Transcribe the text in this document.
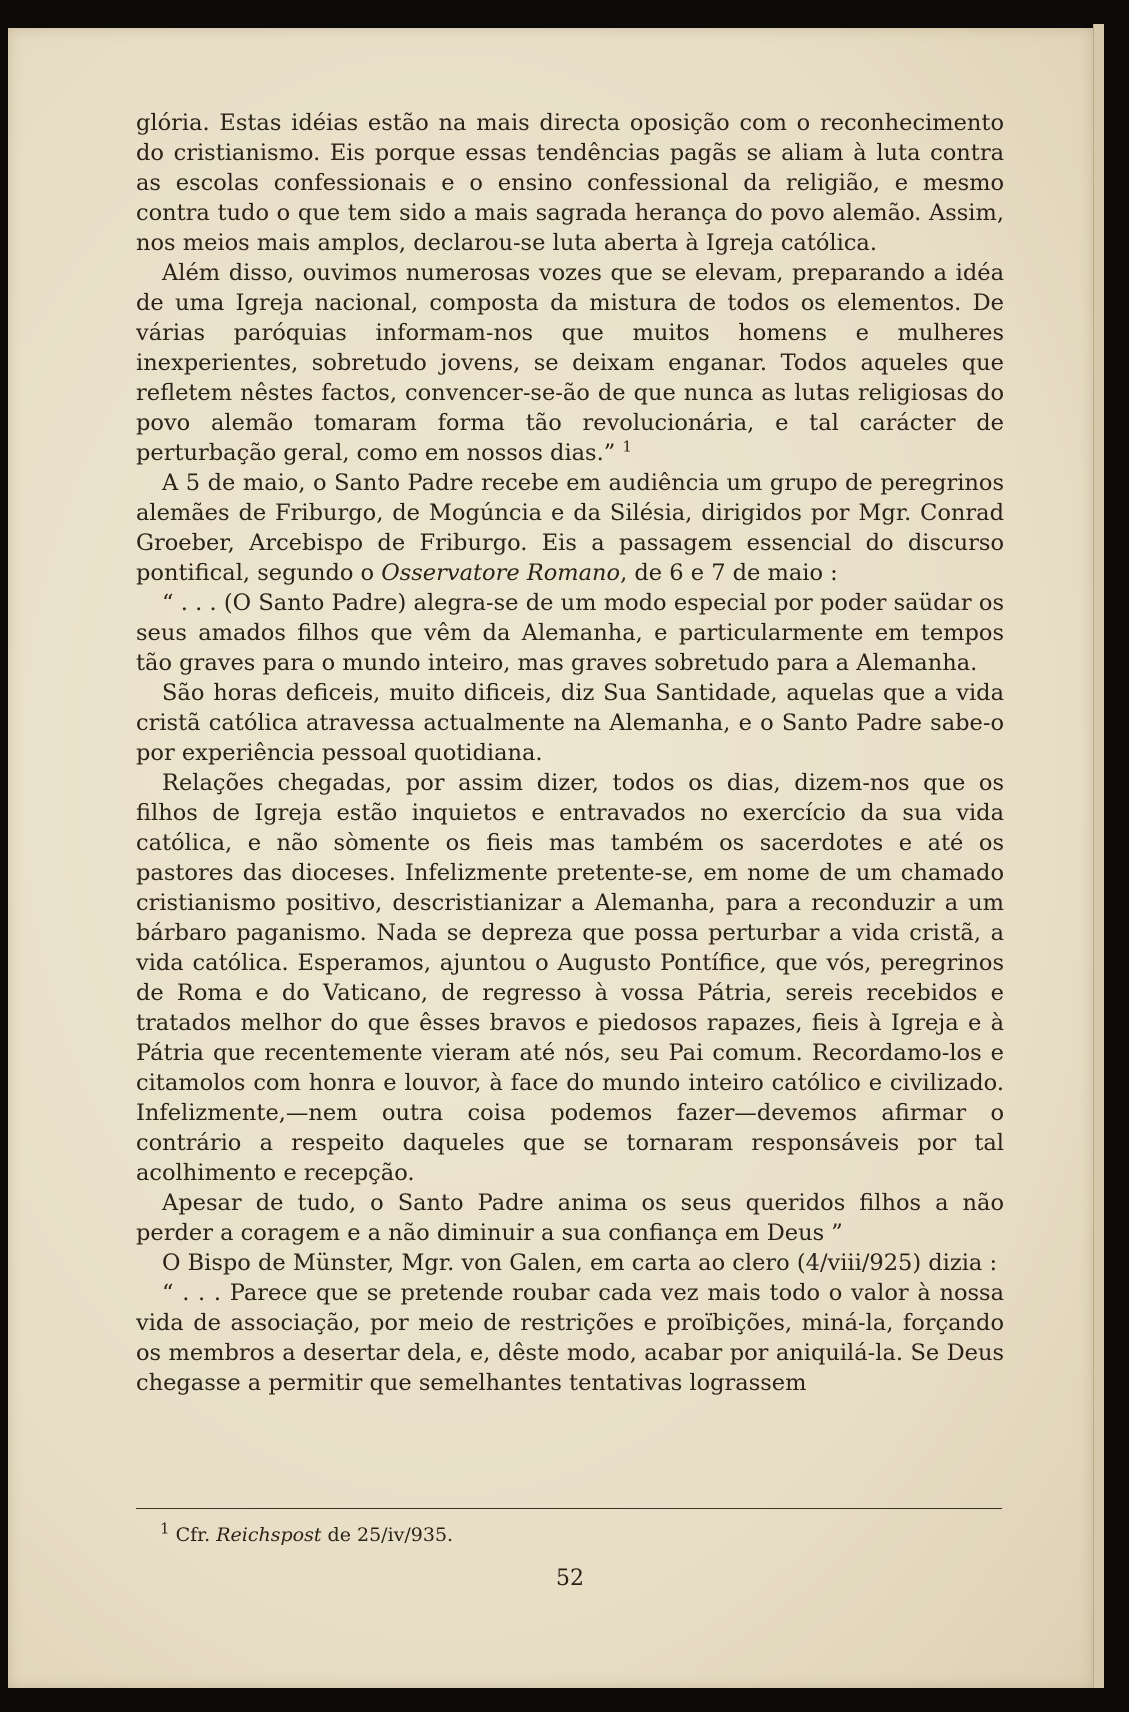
glória. Estas idéias estão na mais directa oposição com o reconhecimento do cristianismo. Eis porque essas tendências pagãs se aliam à luta contra as escolas confessionais e o ensino confessional da religião, e mesmo contra tudo o que tem sido a mais sagrada herança do povo alemão. Assim, nos meios mais amplos, declarou-se luta aberta à Igreja católica.

Além disso, ouvimos numerosas vozes que se elevam, preparando a idéa de uma Igreja nacional, composta da mistura de todos os elementos. De várias paróquias informam-nos que muitos homens e mulheres inexperientes, sobretudo jovens, se deixam enganar. Todos aqueles que refletem nêstes factos, convencer-se-ão de que nunca as lutas religiosas do povo alemão tomaram forma tão revolucionária, e tal carácter de perturbação geral, como em nossos dias.” $^1$

A 5 de maio, o Santo Padre recebe em audiência um grupo de peregrinos alemães de Friburgo, de Mogúncia e da Silésia, dirigidos por Mgr. Conrad Groeber, Arcebispo de Friburgo. Eis a passagem essencial do discurso pontifical, segundo o Osservatore Romano, de 6 e 7 de maio :

“ . . . (O Santo Padre) alegra-se de um modo especial por poder saüdar os seus amados filhos que vêm da Alemanha, e particularmente em tempos tão graves para o mundo inteiro, mas graves sobretudo para a Alemanha.

São horas deficeis, muito dificeis, diz Sua Santidade, aquelas que a vida cristã católica atravessa actualmente na Alemanha, e o Santo Padre sabe-o por experiência pessoal quotidiana.

Relações chegadas, por assim dizer, todos os dias, dizem-nos que os filhos de Igreja estão inquietos e entravados no exercício da sua vida católica, e não sòmente os fieis mas também os sacerdotes e até os pastores das dioceses. Infelizmente pretente-se, em nome de um chamado cristianismo positivo, descristianizar a Alemanha, para a reconduzir a um bárbaro paganismo. Nada se depreza que possa perturbar a vida cristã, a vida católica. Esperamos, ajuntou o Augusto Pontífice, que vós, peregrinos de Roma e do Vaticano, de regresso à vossa Pátria, sereis recebidos e tratados melhor do que êsses bravos e piedosos rapazes, fieis à Igreja e à Pátria que recentemente vieram até nós, seu Pai comum. Recordamo-los e citamolos com honra e louvor, à face do mundo inteiro católico e civilizado. Infelizmente,—nem outra coisa podemos fazer—devemos afirmar o contrário a respeito daqueles que se tornaram responsáveis por tal acolhimento e recepção.

Apesar de tudo, o Santo Padre anima os seus queridos filhos a não perder a coragem e a não diminuir a sua confiança em Deus ”

O Bispo de Münster, Mgr. von Galen, em carta ao clero (4/viii/925) dizia :

“ . . . Parece que se pretende roubar cada vez mais todo o valor à nossa vida de associação, por meio de restrições e proïbições, miná-la, forçando os membros a desertar dela, e, dêste modo, acabar por aniquilá-la. Se Deus chegasse a permitir que semelhantes tentativas lograssem

$^1$ Cfr. Reichspost de 25/iv/935.
52
